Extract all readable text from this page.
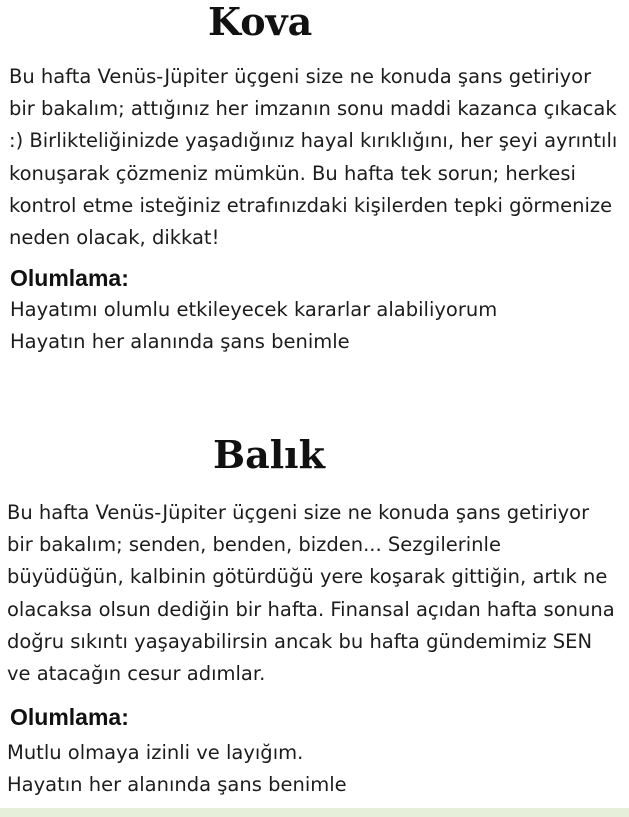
Kova

Bu hafta Venüs-Jüpiter üçgeni size ne konuda şans getiriyor bir bakalım; attığınız her imzanın sonu maddi kazanca çıkacak :) Birlikteliğinizde yaşadığınız hayal kırıklığını, her şeyi ayrıntılı konuşarak çözmeniz mümkün. Bu hafta tek sorun; herkesi kontrol etme isteğiniz etrafınızdaki kişilerden tepki görmenize neden olacak, dikkat!

Olumlama:

Hayatımı olumlu etkileyecek kararlar alabiliyorum

Hayatın her alanında şans benimle

Balık

Bu hafta Venüs-Jüpiter üçgeni size ne konuda şans getiriyor bir bakalım; senden, benden, bizden... Sezgilerinle büyüdüğün, kalbinin götürdüğü yere koşarak gittiğin, artık ne olacaksa olsun dediğin bir hafta. Finansal açıdan hafta sonuna doğru sıkıntı yaşayabilirsin ancak bu hafta gündemimiz SEN ve atacağın cesur adımlar.

Olumlama:

Mutlu olmaya izinli ve layığım.

Hayatın her alanında şans benimle
